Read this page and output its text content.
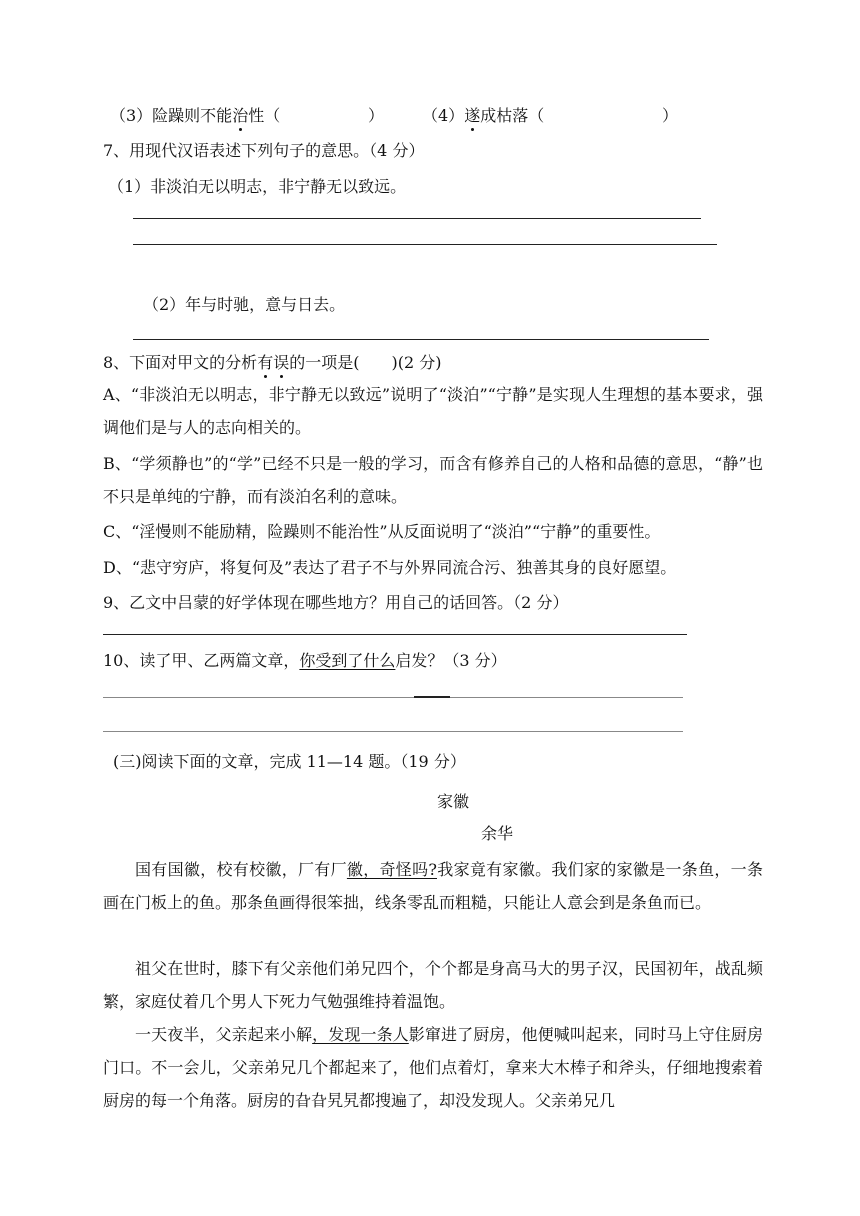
（3）险躁则不能治性（	） （4）遂成枯落（	）
7、用现代汉语表述下列句子的意思。（4 分）
（1）非淡泊无以明志，非宁静无以致远。
（2）年与时驰，意与日去。
8、下面对甲文的分析有误的一项是(　　)(2 分)
A、“非淡泊无以明志，非宁静无以致远”说明了“淡泊”“宁静”是实现人生理想的基本要求，强调他们是与人的志向相关的。
B、“学须静也”的“学”已经不只是一般的学习，而含有修养自己的人格和品德的意思，“静”也不只是单纯的宁静，而有淡泊名利的意味。
C、“淫慢则不能励精，险躁则不能治性”从反面说明了“淡泊”“宁静”的重要性。
D、“悲守穷庐，将复何及”表达了君子不与外界同流合污、独善其身的良好愿望。
9、乙文中吕蒙的好学体现在哪些地方？用自己的话回答。（2 分）
10、读了甲、乙两篇文章，你受到了什么启发？（3 分）
(三)阅读下面的文章，完成 11—14 题。（19 分）
家徽
余华
国有国徽，校有校徽，厂有厂徽，奇怪吗?我家竟有家徽。我们家的家徽是一条鱼，一条画在门板上的鱼。那条鱼画得很笨拙，线条零乱而粗糙，只能让人意会到是条鱼而已。
祖父在世时，膝下有父亲他们弟兄四个，个个都是身高马大的男子汉，民国初年，战乱频繁，家庭仗着几个男人下死力气勉强维持着温饱。
一天夜半，父亲起来小解，发现一条人影窜进了厨房，他便喊叫起来，同时马上守住厨房门口。不一会儿，父亲弟兄几个都起来了，他们点着灯，拿来大木棒子和斧头，仔细地搜索着厨房的每一个角落。厨房的旮旮旯旯都搜遍了，却没发现人。父亲弟兄几
